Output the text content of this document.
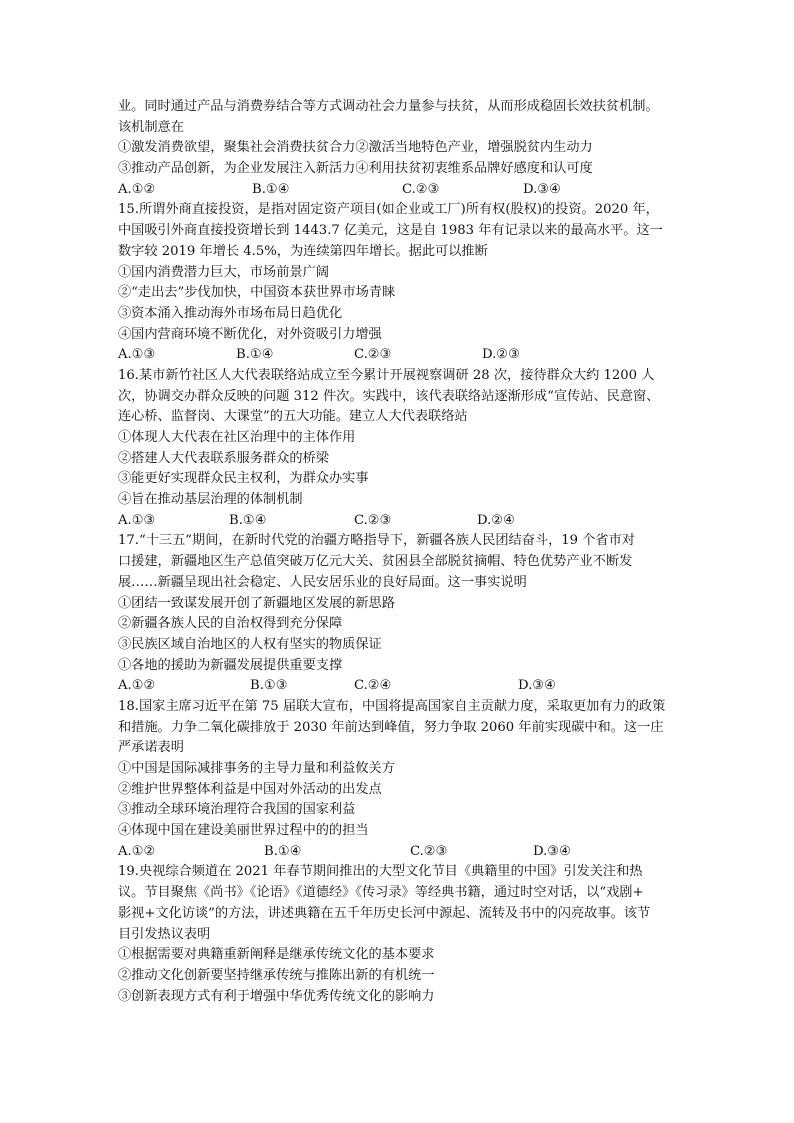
业。同时通过产品与消费券结合等方式调动社会力量参与扶贫，从而形成稳固长效扶贫机制。
该机制意在
①激发消费欲望，聚集社会消费扶贫合力②激活当地特色产业，增强脱贫内生动力
③推动产品创新，为企业发展注入新活力④利用扶贫初衷维系品牌好感度和认可度
A.①②	B.①④	C.②③	D.③④
15.所谓外商直接投资，是指对固定资产项目(如企业或工厂)所有权(股权)的投资。2020 年，
中国吸引外商直接投资增长到 1443.7 亿美元，这是自 1983 年有记录以来的最高水平。这一
数字较 2019 年增长 4.5%，为连续第四年增长。据此可以推断
①国内消费潜力巨大，市场前景广阔
②“走出去”步伐加快，中国资本获世界市场青睐
③资本涌入推动海外市场布局日趋优化
④国内营商环境不断优化，对外资吸引力增强
A.①③	B.①④	C.②③	D.②③
16.某市新竹社区人大代表联络站成立至今累计开展视察调研 28 次，接待群众大约 1200 人
次，协调交办群众反映的问题 312 件次。实践中，该代表联络站逐渐形成“宣传站、民意窗、
连心桥、监督岗、大课堂”的五大功能。建立人大代表联络站
①体现人大代表在社区治理中的主体作用
②搭建人大代表联系服务群众的桥梁
③能更好实现群众民主权利，为群众办实事
④旨在推动基层治理的体制机制
A.①③	B.①④	C.②③	D.②④
17.“十三五”期间，在新时代党的治疆方略指导下，新疆各族人民团结奋斗，19 个省市对
口援建，新疆地区生产总值突破万亿元大关、贫困县全部脱贫摘帽、特色优势产业不断发
展……新疆呈现出社会稳定、人民安居乐业的良好局面。这一事实说明
①团结一致谋发展开创了新疆地区发展的新思路
②新疆各族人民的自治权得到充分保障
③民族区域自治地区的人权有坚实的物质保证
①各地的援助为新疆发展提供重要支撑
A.①②	B.①③	C.②④	D.③④
18.国家主席习近平在第 75 届联大宣布，中国将提高国家自主贡献力度，采取更加有力的政策
和措施。力争二氧化碳排放于 2030 年前达到峰值，努力争取 2060 年前实现碳中和。这一庄
严承诺表明
①中国是国际减排事务的主导力量和利益攸关方
②维护世界整体利益是中国对外活动的出发点
③推动全球环境治理符合我国的国家利益
④体现中国在建设美丽世界过程中的的担当
A.①②	B.①④	C.②③	D.③④
19.央视综合频道在 2021 年春节期间推出的大型文化节目《典籍里的中国》引发关注和热
议。节目聚焦《尚书》《论语》《道德经》《传习录》等经典书籍，通过时空对话，以“戏剧+
影视+文化访谈”的方法，讲述典籍在五千年历史长河中源起、流转及书中的闪亮故事。该节
目引发热议表明
①根据需要对典籍重新阐释是继承传统文化的基本要求
②推动文化创新要坚持继承传统与推陈出新的有机统一
③创新表现方式有利于增强中华优秀传统文化的影响力
